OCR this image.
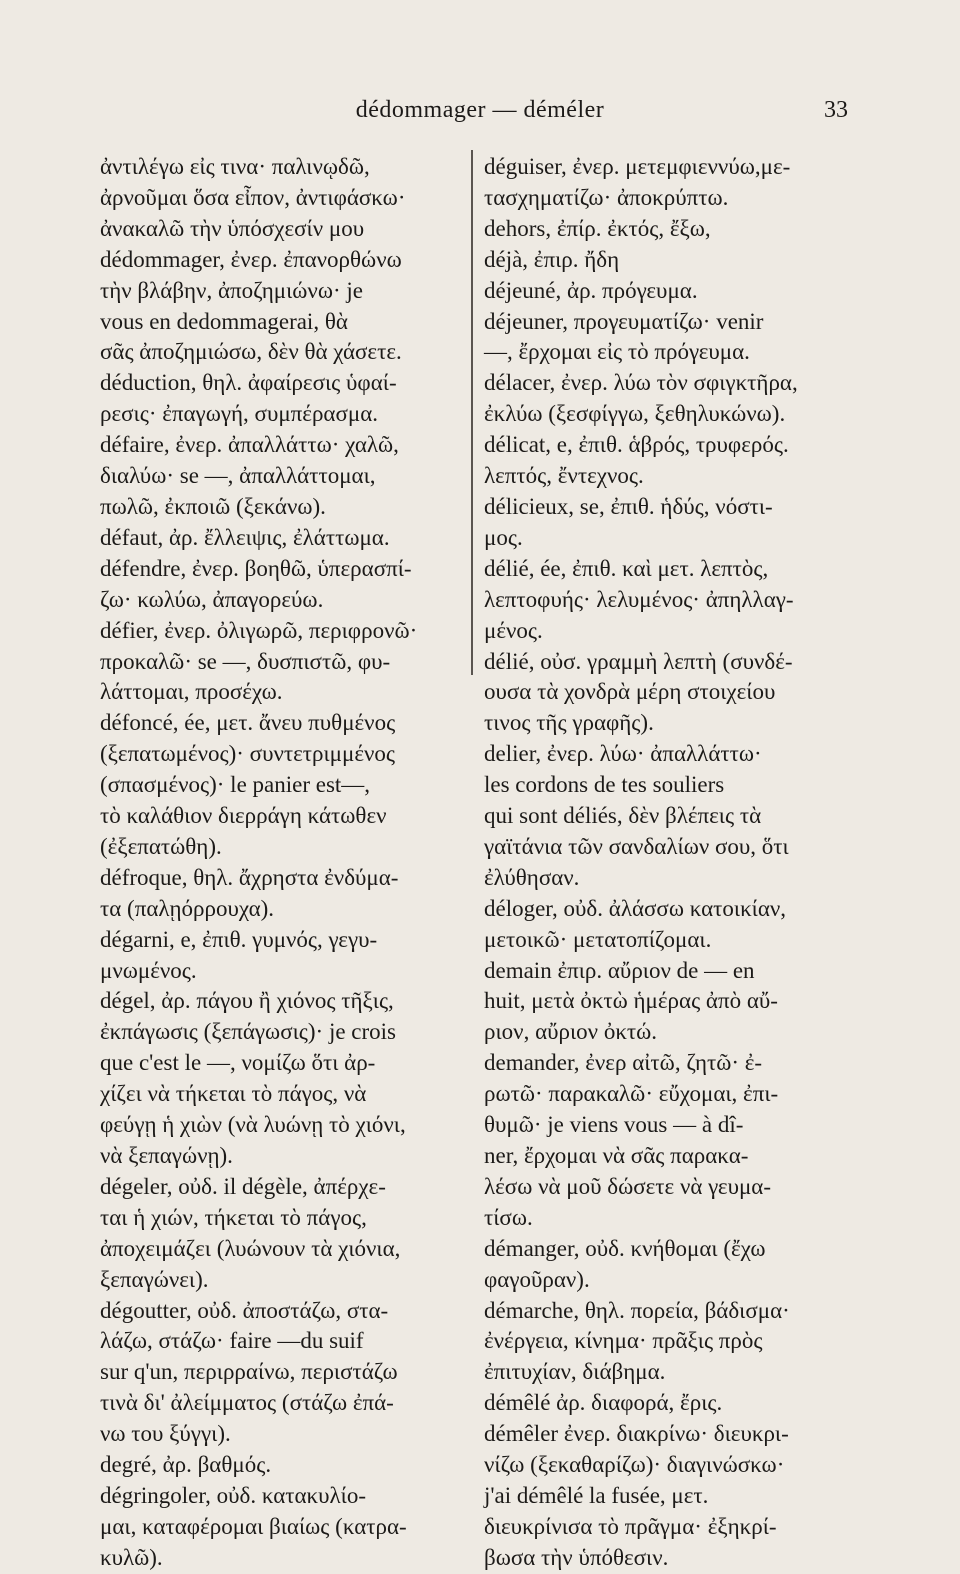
dédommager — déméler	33
ἀντιλέγω εἰς τινα· παλινῳδῶ,
ἀρνοῦμαι ὅσα εἶπον, ἀντιφάσκω·
ἀνακαλῶ τὴν ὑπόσχεσίν μου
dédommager, ἐνερ. ἐπανορθώνω
τὴν βλάβην, ἀποζημιώνω· je
vous en dedommagerai, θὰ
σᾶς ἀποζημιώσω, δὲν θὰ χάσετε.
déduction, θηλ. ἀφαίρεσις ὑφαί-
ρεσις· ἐπαγωγή, συμπέρασμα.
défaire, ἐνερ. ἀπαλλάττω· χαλῶ,
διαλύω· se —, ἀπαλλάττομαι,
πωλῶ, ἐκποιῶ (ξεκάνω).
défaut, ἀρ. ἔλλειψις, ἐλάττωμα.
défendre, ἐνερ. βοηθῶ, ὑπερασπί-
ζω· κωλύω, ἀπαγορεύω.
défier, ἐνερ. ὀλιγωρῶ, περιφρονῶ·
προκαλῶ· se —, δυσπιστῶ, φυ-
λάττομαι, προσέχω.
défoncé, ée, μετ. ἄνευ πυθμένος
(ξεπατωμένος)· συντετριμμένος
(σπασμένος)· le panier est—,
τὸ καλάθιον διερράγη κάτωθεν
(ἐξεπατώθη).
défroque, θηλ. ἄχρηστα ἐνδύμα-
τα (παλῃόρρουχα).
dégarni, e, ἐπιθ. γυμνός, γεγυ-
μνωμένος.
dégel, ἀρ. πάγου ἢ χιόνος τῆξις,
ἐκπάγωσις (ξεπάγωσις)· je crois
que c'est le —, νομίζω ὅτι ἀρ-
χίζει νὰ τήκεται τὸ πάγος, νὰ
φεύγῃ ἡ χιὼν (νὰ λυώνῃ τὸ χιόνι,
νὰ ξεπαγώνῃ).
dégeler, οὐδ. il dégèle, ἀπέρχε-
ται ἡ χιών, τήκεται τὸ πάγος,
ἀποχειμάζει (λυώνουν τὰ χιόνια,
ξεπαγώνει).
dégoutter, οὐδ. ἀποστάζω, στα-
λάζω, στάζω· faire —du suif
sur q'un, περιρραίνω, περιστάζω
τινὰ δι' ἀλείμματος (στάζω ἐπά-
νω του ξύγγι).
degré, ἀρ. βαθμός.
dégringoler, οὐδ. κατακυλίο-
μαι, καταφέρομαι βιαίως (κατρα-
κυλῶ).
déguiser, ἐνερ. μετεμφιεννύω,με-
τασχηματίζω· ἀποκρύπτω.
dehors, ἐπίρ. ἐκτός, ἔξω,
déjà, ἐπιρ. ἤδη
déjeuné, ἀρ. πρόγευμα.
déjeuner, προγευματίζω· venir
—, ἔρχομαι εἰς τὸ πρόγευμα.
délacer, ἐνερ. λύω τὸν σφιγκτῆρα,
ἐκλύω (ξεσφίγγω, ξεθηλυκώνω).
délicat, e, ἐπιθ. ἁβρός, τρυφερός.
λεπτός, ἔντεχνος.
délicieux, se, ἐπιθ. ἡδύς, νόστι-
μος.
délié, ée, ἐπιθ. καὶ μετ. λεπτὸς,
λεπτοφυής· λελυμένος· ἀπηλλαγ-
μένος.
délié, οὐσ. γραμμὴ λεπτὴ (συνδέ-
ουσα τὰ χονδρὰ μέρη στοιχείου
τινος τῆς γραφῆς).
delier, ἐνερ. λύω· ἀπαλλάττω·
les cordons de tes souliers
qui sont déliés, δὲν βλέπεις τὰ
γαϊτάνια τῶν σανδαλίων σου, ὅτι
ἐλύθησαν.
déloger, οὐδ. ἀλάσσω κατοικίαν,
μετοικῶ· μετατοπίζομαι.
demain ἐπιρ. αὔριον de — en
huit, μετὰ ὀκτὼ ἡμέρας ἀπὸ αὔ-
ριον, αὔριον ὀκτώ.
demander, ἐνερ αἰτῶ, ζητῶ· ἐ-
ρωτῶ· παρακαλῶ· εὔχομαι, ἐπι-
θυμῶ· je viens vous — à dî-
ner, ἔρχομαι νὰ σᾶς παρακα-
λέσω νὰ μοῦ δώσετε νὰ γευμα-
τίσω.
démanger, οὐδ. κνήθομαι (ἔχω
φαγοῦραν).
démarche, θηλ. πορεία, βάδισμα·
ἐνέργεια, κίνημα· πρᾶξις πρὸς
ἐπιτυχίαν, διάβημα.
démêlé ἀρ. διαφορά, ἔρις.
démêler ἐνερ. διακρίνω· διευκρι-
νίζω (ξεκαθαρίζω)· διαγινώσκω·
j'ai démêlé la fusée, μετ.
διευκρίνισα τὸ πρᾶγμα· ἐξηκρί-
βωσα τὴν ὑπόθεσιν.
